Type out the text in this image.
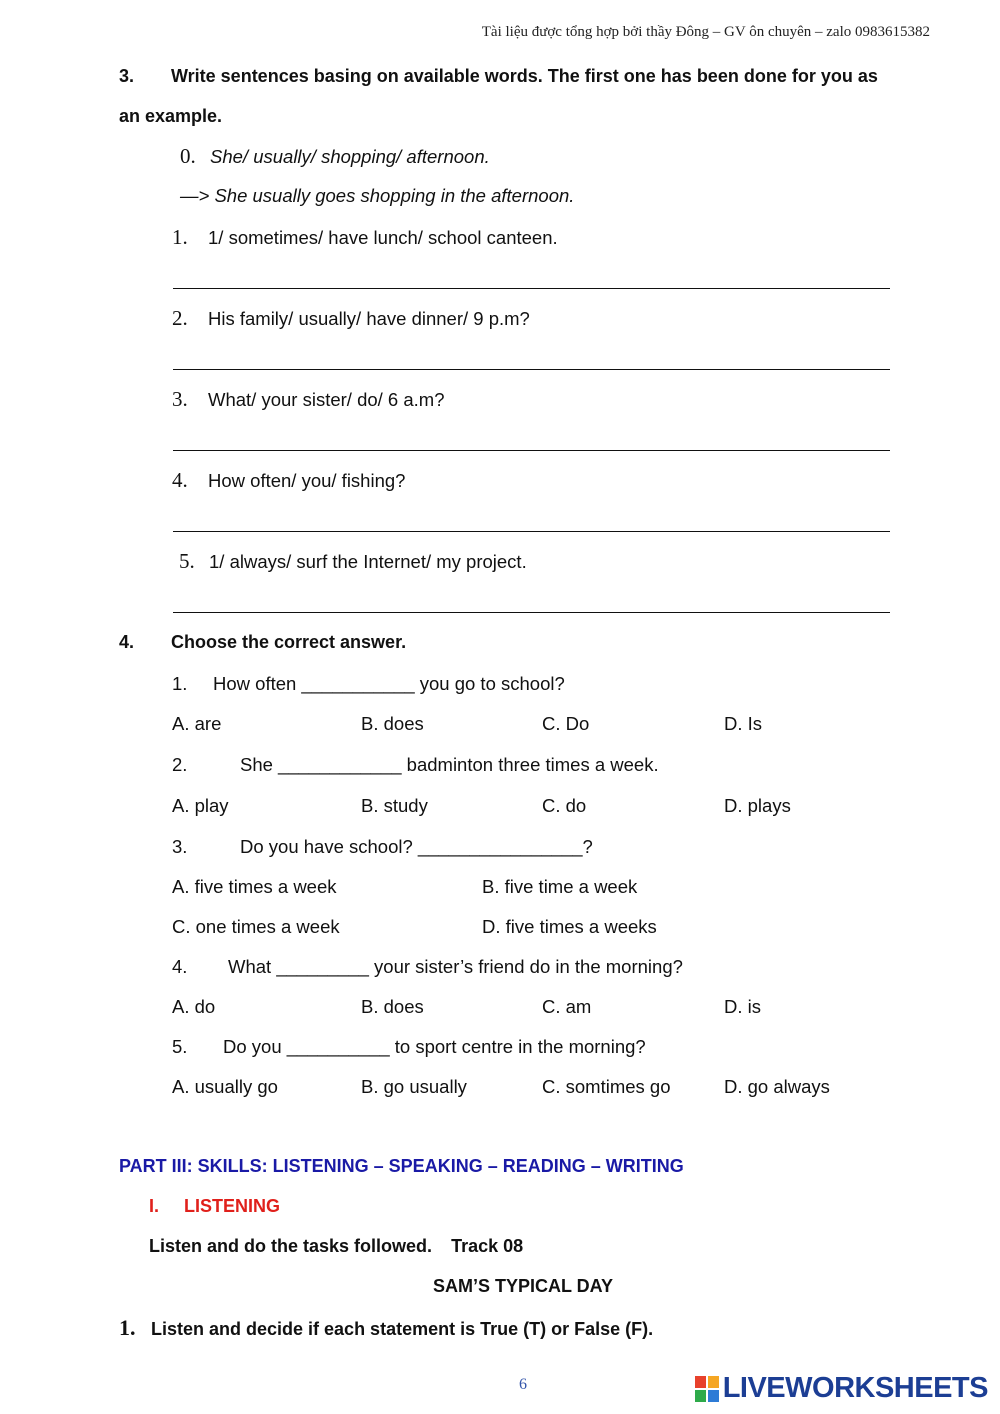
Tài liệu được tổng hợp bởi thầy Đông – GV ôn chuyên – zalo 0983615382
3. Write sentences basing on available words. The first one has been done for you as
an example.
0. She/ usually/ shopping/ afternoon.
—> She usually goes shopping in the afternoon.
1. 1/ sometimes/ have lunch/ school canteen.
2. His family/ usually/ have dinner/ 9 p.m?
3. What/ your sister/ do/ 6 a.m?
4. How often/ you/ fishing?
5. 1/ always/ surf the Internet/ my project.
4. Choose the correct answer.
1. How often ___________ you go to school?
A. are	B. does	C. Do	D. Is
2.	She ____________ badminton three times a week.
A. play	B. study	C. do	D. plays
3.	Do you have school? ________________?
A. five times a week	B. five time a week
C. one times a week	D. five times a weeks
4. What _________ your sister’s friend do in the morning?
A. do	B. does	C. am	D. is
5. Do you __________ to sport centre in the morning?
A. usually go	B. go usually	C. somtimes go	D. go always
PART III: SKILLS: LISTENING – SPEAKING – READING – WRITING
I. LISTENING
Listen and do the tasks followed. Track 08
SAM’S TYPICAL DAY
1. Listen and decide if each statement is True (T) or False (F).
6	LIVEWORKSHEETS
